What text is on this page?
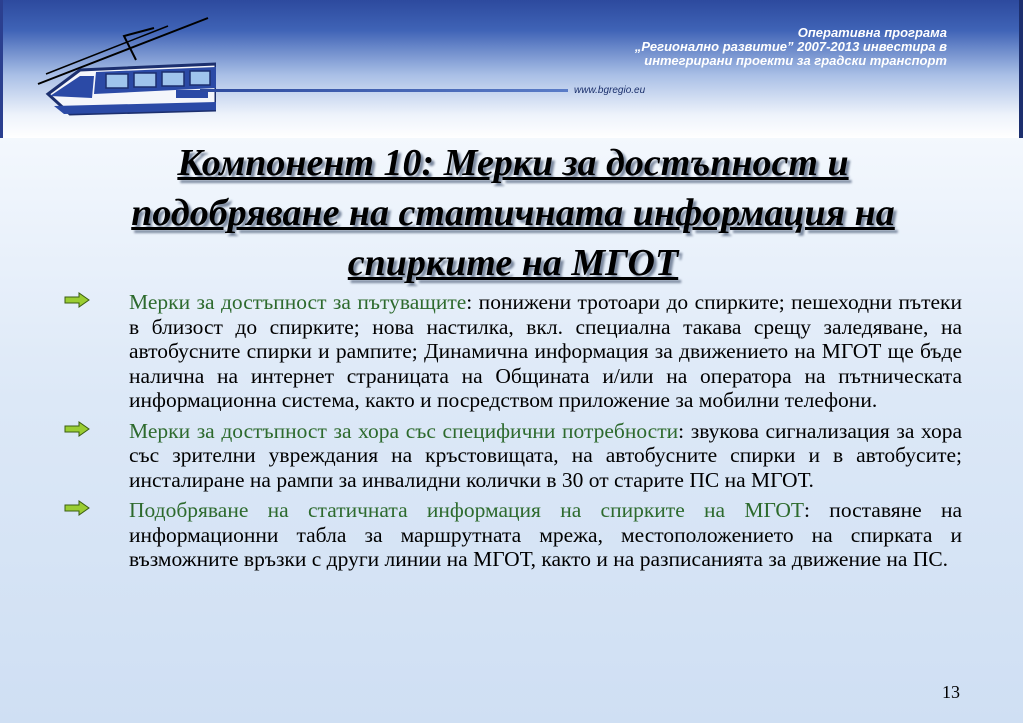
Оперативна програма
„Регионално развитие” 2007-2013 инвестира в
интегрирани проекти за градски транспорт
www.bgregio.eu
Компонент 10: Мерки за достъпност и подобряване на статичната информация на спирките на МГОТ
Мерки за достъпност за пътуващите: понижени тротоари до спирките; пешеходни пътеки в близост до спирките; нова настилка, вкл. специална такава срещу заледяване, на автобусните спирки и рампите; Динамична информация за движението на МГОТ ще бъде налична на интернет страницата на Общината и/или на оператора на пътническата информационна система, както и посредством приложение за мобилни телефони.
Мерки за достъпност за хора със специфични потребности: звукова сигнализация за хора със зрителни увреждания на кръстовищата, на автобусните спирки и в автобусите; инсталиране на рампи за инвалидни колички в 30 от старите ПС на МГОТ.
Подобряване на статичната информация на спирките на МГОТ: поставяне на информационни табла за маршрутната мрежа, местоположението на спирката и възможните връзки с други линии на МГОТ, както и на разписанията за движение на ПС.
13
